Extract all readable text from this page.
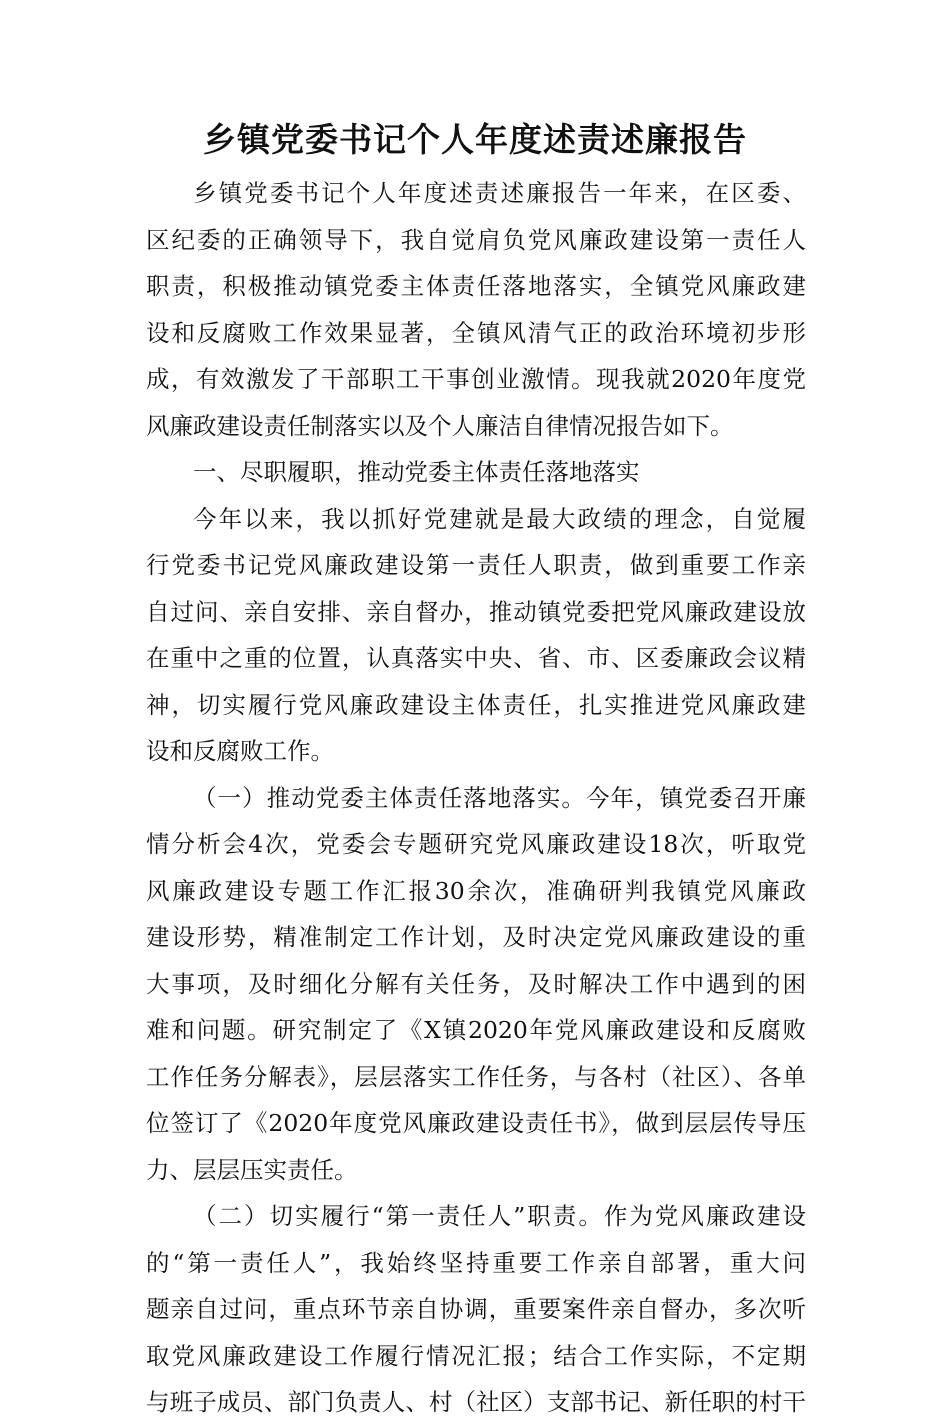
乡镇党委书记个人年度述责述廉报告
乡镇党委书记个人年度述责述廉报告一年来，在区委、
区纪委的正确领导下，我自觉肩负党风廉政建设第一责任人
职责，积极推动镇党委主体责任落地落实，全镇党风廉政建
设和反腐败工作效果显著，全镇风清气正的政治环境初步形
成，有效激发了干部职工干事创业激情。现我就2020年度党
风廉政建设责任制落实以及个人廉洁自律情况报告如下。
一、尽职履职，推动党委主体责任落地落实
今年以来，我以抓好党建就是最大政绩的理念，自觉履
行党委书记党风廉政建设第一责任人职责，做到重要工作亲
自过问、亲自安排、亲自督办，推动镇党委把党风廉政建设放
在重中之重的位置，认真落实中央、省、市、区委廉政会议精
神，切实履行党风廉政建设主体责任，扎实推进党风廉政建
设和反腐败工作。
（一）推动党委主体责任落地落实。今年，镇党委召开廉
情分析会4次，党委会专题研究党风廉政建设18次，听取党
风廉政建设专题工作汇报30余次，准确研判我镇党风廉政
建设形势，精准制定工作计划，及时决定党风廉政建设的重
大事项，及时细化分解有关任务，及时解决工作中遇到的困
难和问题。研究制定了《X镇2020年党风廉政建设和反腐败
工作任务分解表》，层层落实工作任务，与各村（社区）、各单
位签订了《2020年度党风廉政建设责任书》，做到层层传导压
力、层层压实责任。
（二）切实履行“第一责任人”职责。作为党风廉政建设
的“第一责任人”，我始终坚持重要工作亲自部署，重大问
题亲自过问，重点环节亲自协调，重要案件亲自督办，多次听
取党风廉政建设工作履行情况汇报；结合工作实际，不定期
与班子成员、部门负责人、村（社区）支部书记、新任职的村干
